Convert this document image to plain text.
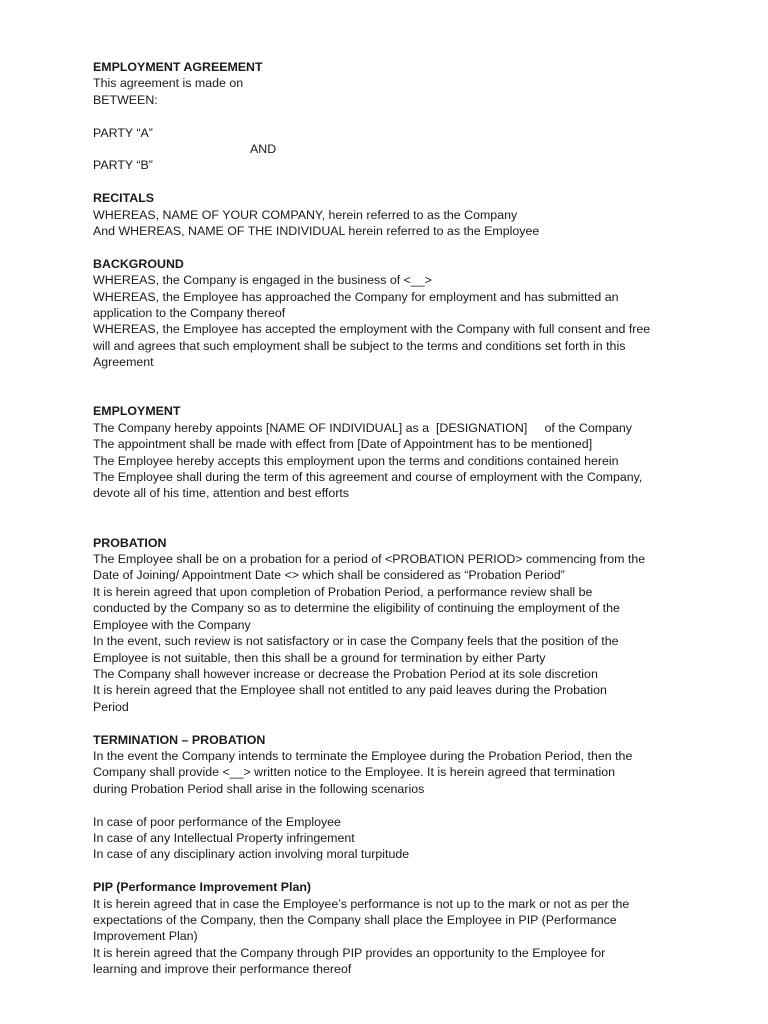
EMPLOYMENT AGREEMENT
This agreement is made on
BETWEEN:
PARTY “A”
AND
PARTY “B”
RECITALS
WHEREAS, NAME OF YOUR COMPANY, herein referred to as the Company
And WHEREAS, NAME OF THE INDIVIDUAL herein referred to as the Employee
BACKGROUND
WHEREAS, the Company is engaged in the business of <__>
WHEREAS, the Employee has approached the Company for employment and has submitted an
application to the Company thereof
WHEREAS, the Employee has accepted the employment with the Company with full consent and free
will and agrees that such employment shall be subject to the terms and conditions set forth in this
Agreement
EMPLOYMENT
The Company hereby appoints [NAME OF INDIVIDUAL] as a  [DESIGNATION]     of the Company
The appointment shall be made with effect from [Date of Appointment has to be mentioned]
The Employee hereby accepts this employment upon the terms and conditions contained herein
The Employee shall during the term of this agreement and course of employment with the Company,
devote all of his time, attention and best efforts
PROBATION
The Employee shall be on a probation for a period of <PROBATION PERIOD> commencing from the
Date of Joining/ Appointment Date <> which shall be considered as “Probation Period”
It is herein agreed that upon completion of Probation Period, a performance review shall be
conducted by the Company so as to determine the eligibility of continuing the employment of the
Employee with the Company
In the event, such review is not satisfactory or in case the Company feels that the position of the
Employee is not suitable, then this shall be a ground for termination by either Party
The Company shall however increase or decrease the Probation Period at its sole discretion
It is herein agreed that the Employee shall not entitled to any paid leaves during the Probation
Period
TERMINATION – PROBATION
In the event the Company intends to terminate the Employee during the Probation Period, then the
Company shall provide <__> written notice to the Employee. It is herein agreed that termination
during Probation Period shall arise in the following scenarios
In case of poor performance of the Employee
In case of any Intellectual Property infringement
In case of any disciplinary action involving moral turpitude
PIP (Performance Improvement Plan)
It is herein agreed that in case the Employee’s performance is not up to the mark or not as per the
expectations of the Company, then the Company shall place the Employee in PIP (Performance
Improvement Plan)
It is herein agreed that the Company through PIP provides an opportunity to the Employee for
learning and improve their performance thereof
